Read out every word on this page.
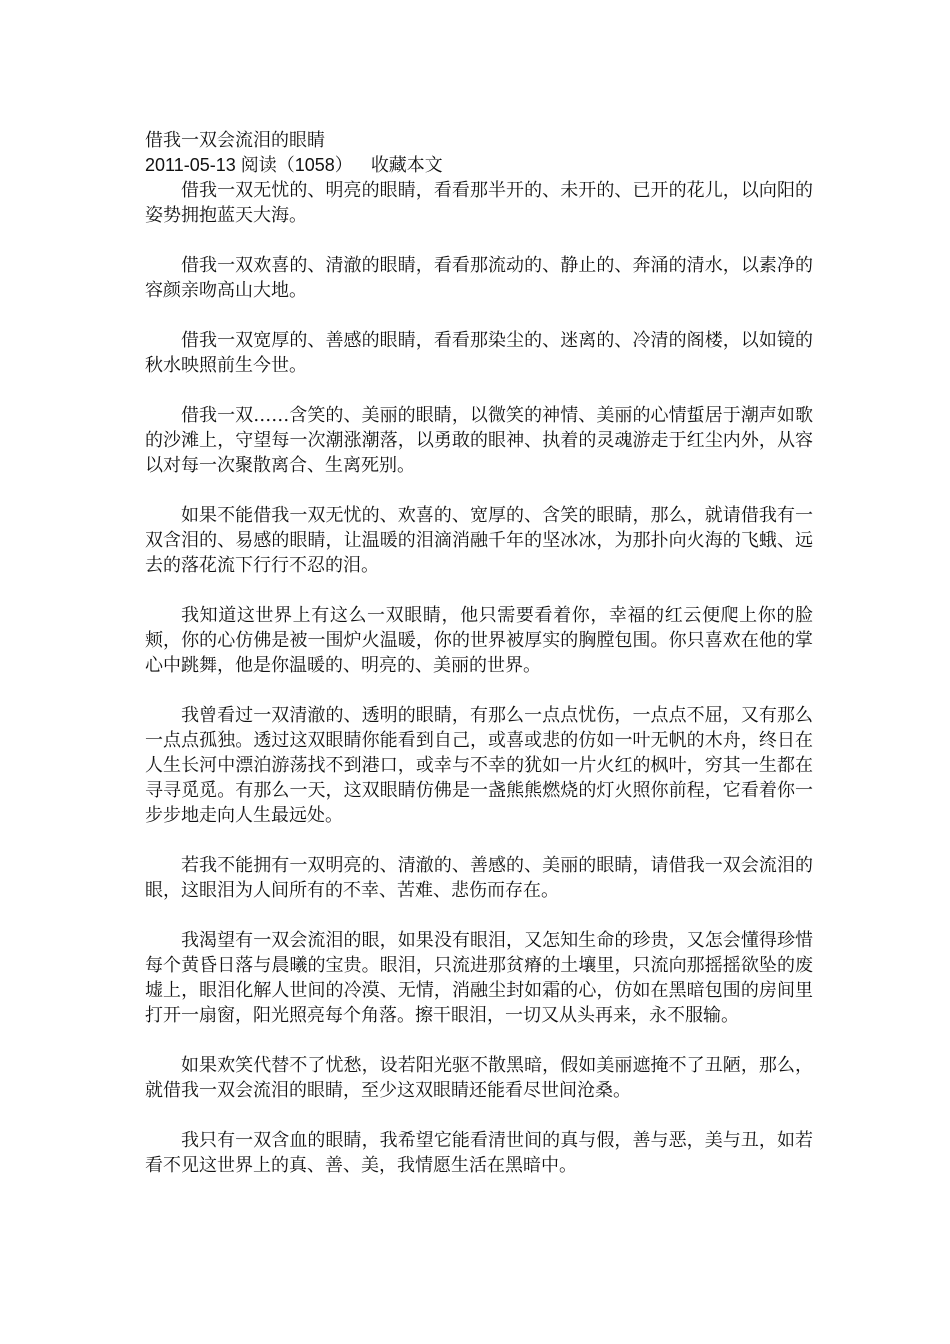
借我一双会流泪的眼睛

2011-05-13 阅读（1058） 收藏本文

借我一双无忧的、明亮的眼睛，看看那半开的、未开的、已开的花儿，以向阳的姿势拥抱蓝天大海。

借我一双欢喜的、清澈的眼睛，看看那流动的、静止的、奔涌的清水，以素净的容颜亲吻高山大地。

借我一双宽厚的、善感的眼睛，看看那染尘的、迷离的、冷清的阁楼，以如镜的秋水映照前生今世。

借我一双……含笑的、美丽的眼睛，以微笑的神情、美丽的心情蜇居于潮声如歌的沙滩上，守望每一次潮涨潮落，以勇敢的眼神、执着的灵魂游走于红尘内外，从容以对每一次聚散离合、生离死别。

如果不能借我一双无忧的、欢喜的、宽厚的、含笑的眼睛，那么，就请借我有一双含泪的、易感的眼睛，让温暖的泪滴消融千年的坚冰冰，为那扑向火海的飞蛾、远去的落花流下行行不忍的泪。

我知道这世界上有这么一双眼睛，他只需要看着你，幸福的红云便爬上你的脸颊，你的心仿佛是被一围炉火温暖，你的世界被厚实的胸膛包围。你只喜欢在他的掌心中跳舞，他是你温暖的、明亮的、美丽的世界。

我曾看过一双清澈的、透明的眼睛，有那么一点点忧伤，一点点不屈，又有那么一点点孤独。透过这双眼睛你能看到自己，或喜或悲的仿如一叶无帆的木舟，终日在人生长河中漂泊游荡找不到港口，或幸与不幸的犹如一片火红的枫叶，穷其一生都在寻寻觅觅。有那么一天，这双眼睛仿佛是一盏熊熊燃烧的灯火照你前程，它看着你一步步地走向人生最远处。

若我不能拥有一双明亮的、清澈的、善感的、美丽的眼睛，请借我一双会流泪的眼，这眼泪为人间所有的不幸、苦难、悲伤而存在。

我渴望有一双会流泪的眼，如果没有眼泪，又怎知生命的珍贵，又怎会懂得珍惜每个黄昏日落与晨曦的宝贵。眼泪，只流进那贫瘠的土壤里，只流向那摇摇欲坠的废墟上，眼泪化解人世间的冷漠、无情，消融尘封如霜的心，仿如在黑暗包围的房间里打开一扇窗，阳光照亮每个角落。擦干眼泪，一切又从头再来，永不服输。

如果欢笑代替不了忧愁，设若阳光驱不散黑暗，假如美丽遮掩不了丑陋，那么，就借我一双会流泪的眼睛，至少这双眼睛还能看尽世间沧桑。

我只有一双含血的眼睛，我希望它能看清世间的真与假，善与恶，美与丑，如若看不见这世界上的真、善、美，我情愿生活在黑暗中。
